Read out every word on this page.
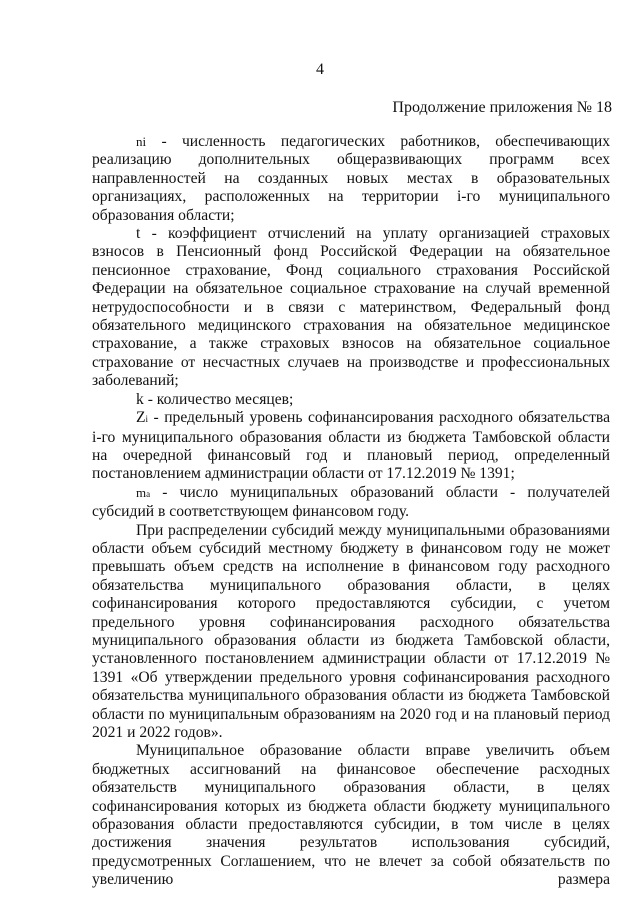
4
Продолжение приложения № 18

ni - численность педагогических работников, обеспечивающих реализацию дополнительных общеразвивающих программ всех направленностей на созданных новых местах в образовательных организациях, расположенных на территории i-го муниципального образования области;

t - коэффициент отчислений на уплату организацией страховых взносов в Пенсионный фонд Российской Федерации на обязательное пенсионное страхование, Фонд социального страхования Российской Федерации на обязательное социальное страхование на случай временной нетрудоспособности и в связи с материнством, Федеральный фонд обязательного медицинского страхования на обязательное медицинское страхование, а также страховых взносов на обязательное социальное страхование от несчастных случаев на производстве и профессиональных заболеваний;

k - количество месяцев;

Zi - предельный уровень софинансирования расходного обязательства i-го муниципального образования области из бюджета Тамбовской области на очередной финансовый год и плановый период, определенный постановлением администрации области от 17.12.2019 № 1391;

ma - число муниципальных образований области - получателей субсидий в соответствующем финансовом году.

При распределении субсидий между муниципальными образованиями области объем субсидий местному бюджету в финансовом году не может превышать объем средств на исполнение в финансовом году расходного обязательства муниципального образования области, в целях софинансирования которого предоставляются субсидии, с учетом предельного уровня софинансирования расходного обязательства муниципального образования области из бюджета Тамбовской области, установленного постановлением администрации области от 17.12.2019 № 1391 «Об утверждении предельного уровня софинансирования расходного обязательства муниципального образования области из бюджета Тамбовской области по муниципальным образованиям на 2020 год и на плановый период 2021 и 2022 годов».

Муниципальное образование области вправе увеличить объем бюджетных ассигнований на финансовое обеспечение расходных обязательств муниципального образования области, в целях софинансирования которых из бюджета области бюджету муниципального образования области предоставляются субсидии, в том числе в целях достижения значения результатов использования субсидий, предусмотренных Соглашением, что не влечет за собой обязательств по увеличению размера
